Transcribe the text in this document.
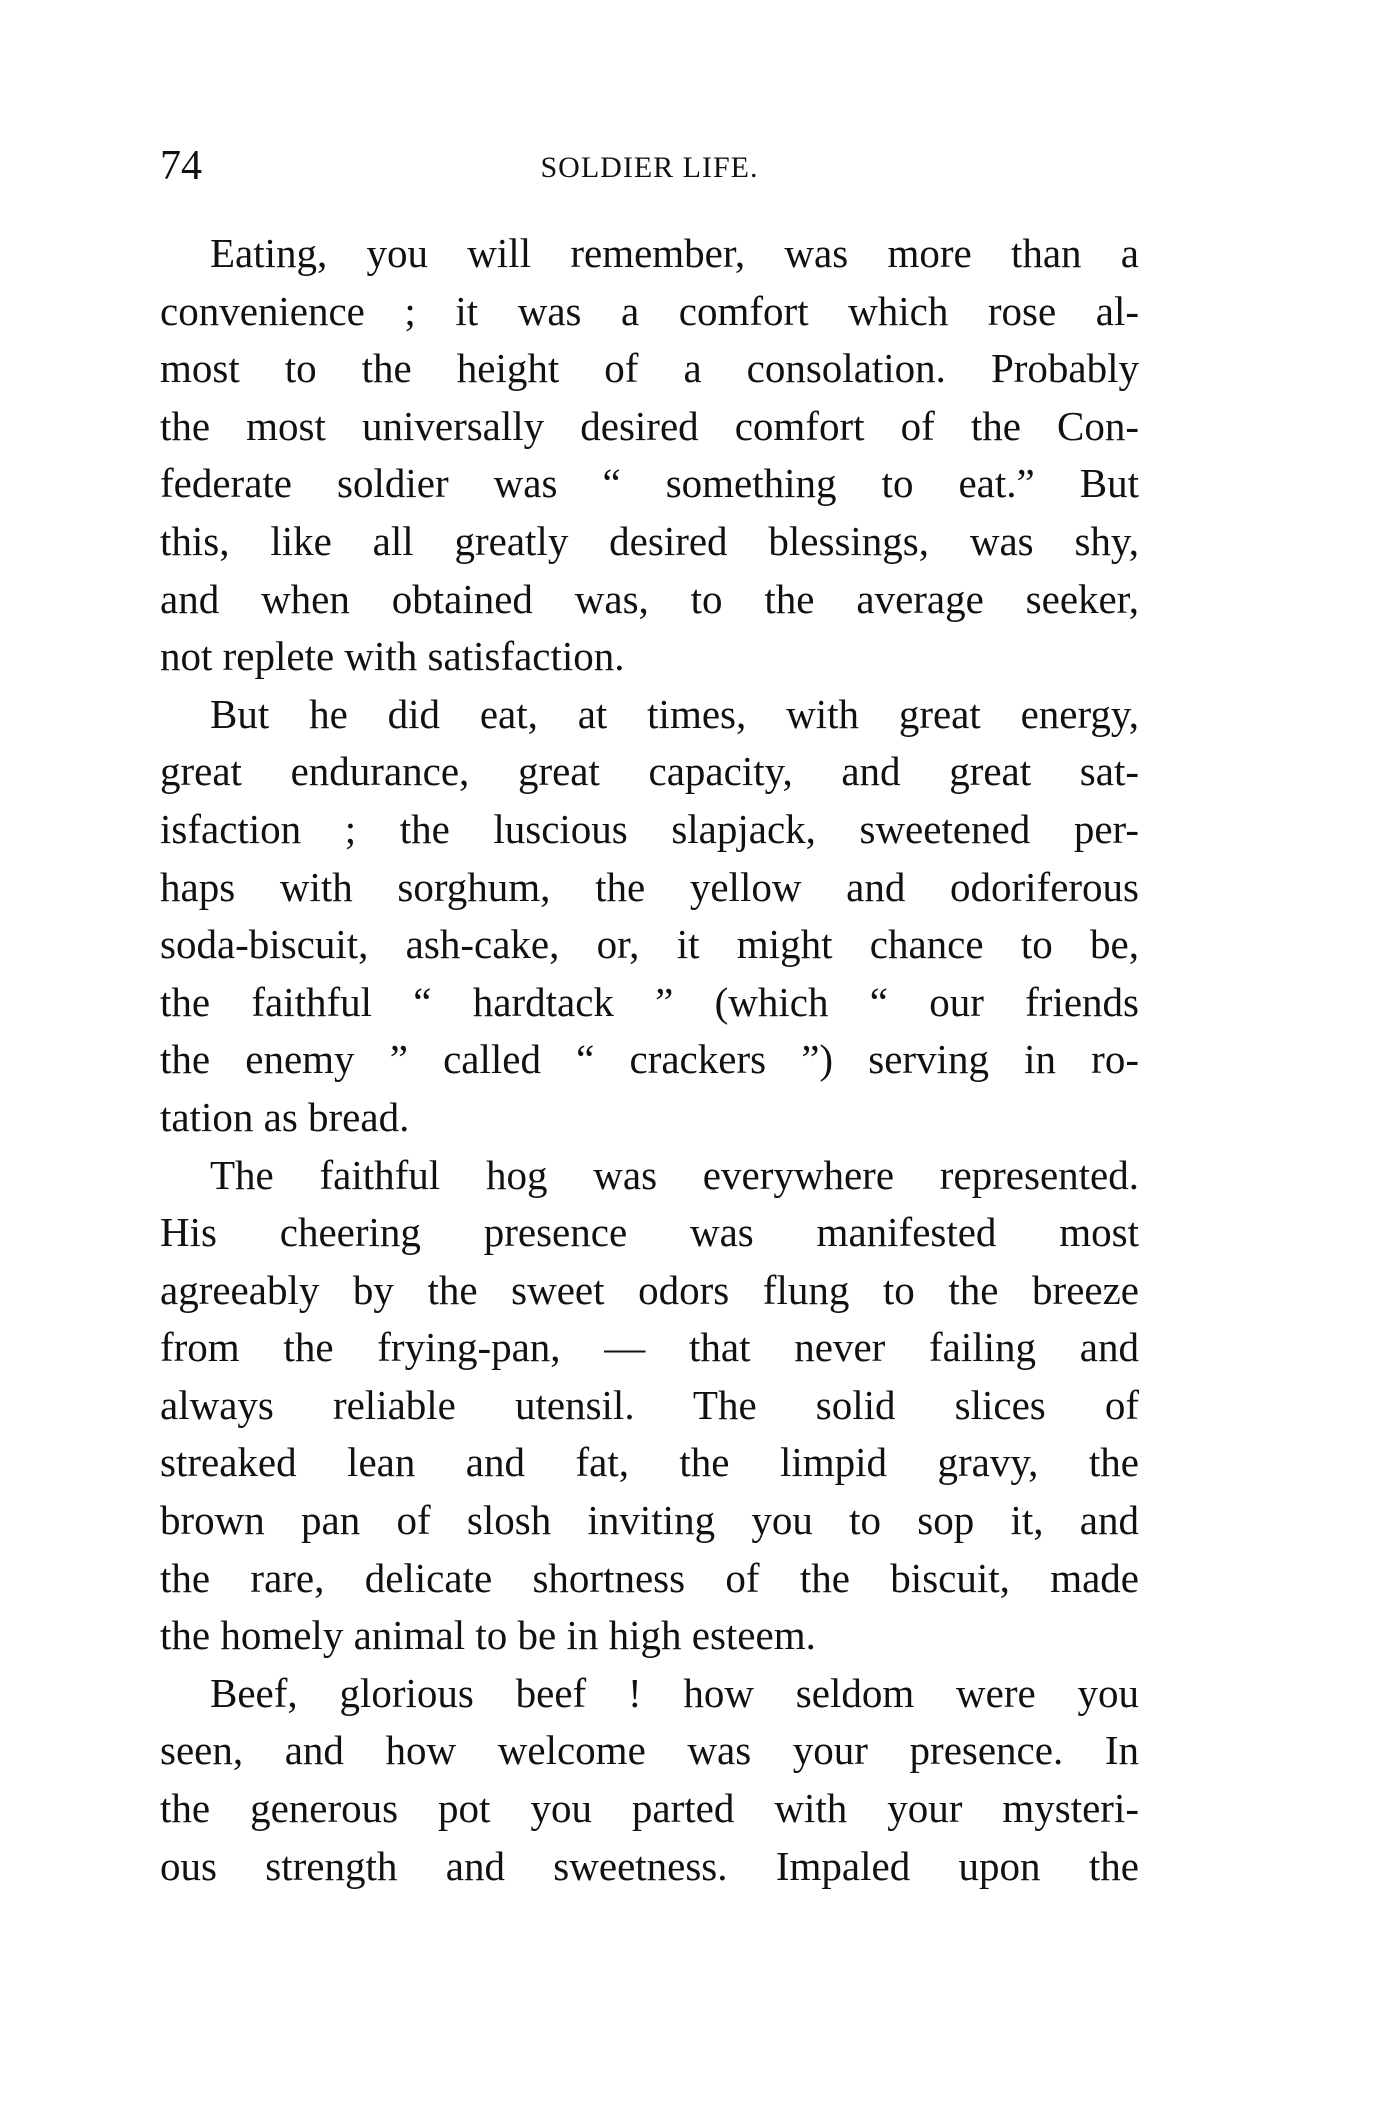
74	SOLDIER LIFE.
Eating, you will remember, was more than a
convenience ; it was a comfort which rose al-
most to the height of a consolation. Probably
the most universally desired comfort of the Con-
federate soldier was “ something to eat.” But
this, like all greatly desired blessings, was shy,
and when obtained was, to the average seeker,
not replete with satisfaction.
But he did eat, at times, with great energy,
great endurance, great capacity, and great sat-
isfaction ; the luscious slapjack, sweetened per-
haps with sorghum, the yellow and odoriferous
soda-biscuit, ash-cake, or, it might chance to be,
the faithful “ hardtack ” (which “ our friends
the enemy ” called “ crackers ”) serving in ro-
tation as bread.
The faithful hog was everywhere represented.
His cheering presence was manifested most
agreeably by the sweet odors flung to the breeze
from the frying-pan, — that never failing and
always reliable utensil. The solid slices of
streaked lean and fat, the limpid gravy, the
brown pan of slosh inviting you to sop it, and
the rare, delicate shortness of the biscuit, made
the homely animal to be in high esteem.
Beef, glorious beef ! how seldom were you
seen, and how welcome was your presence. In
the generous pot you parted with your mysteri-
ous strength and sweetness. Impaled upon the
